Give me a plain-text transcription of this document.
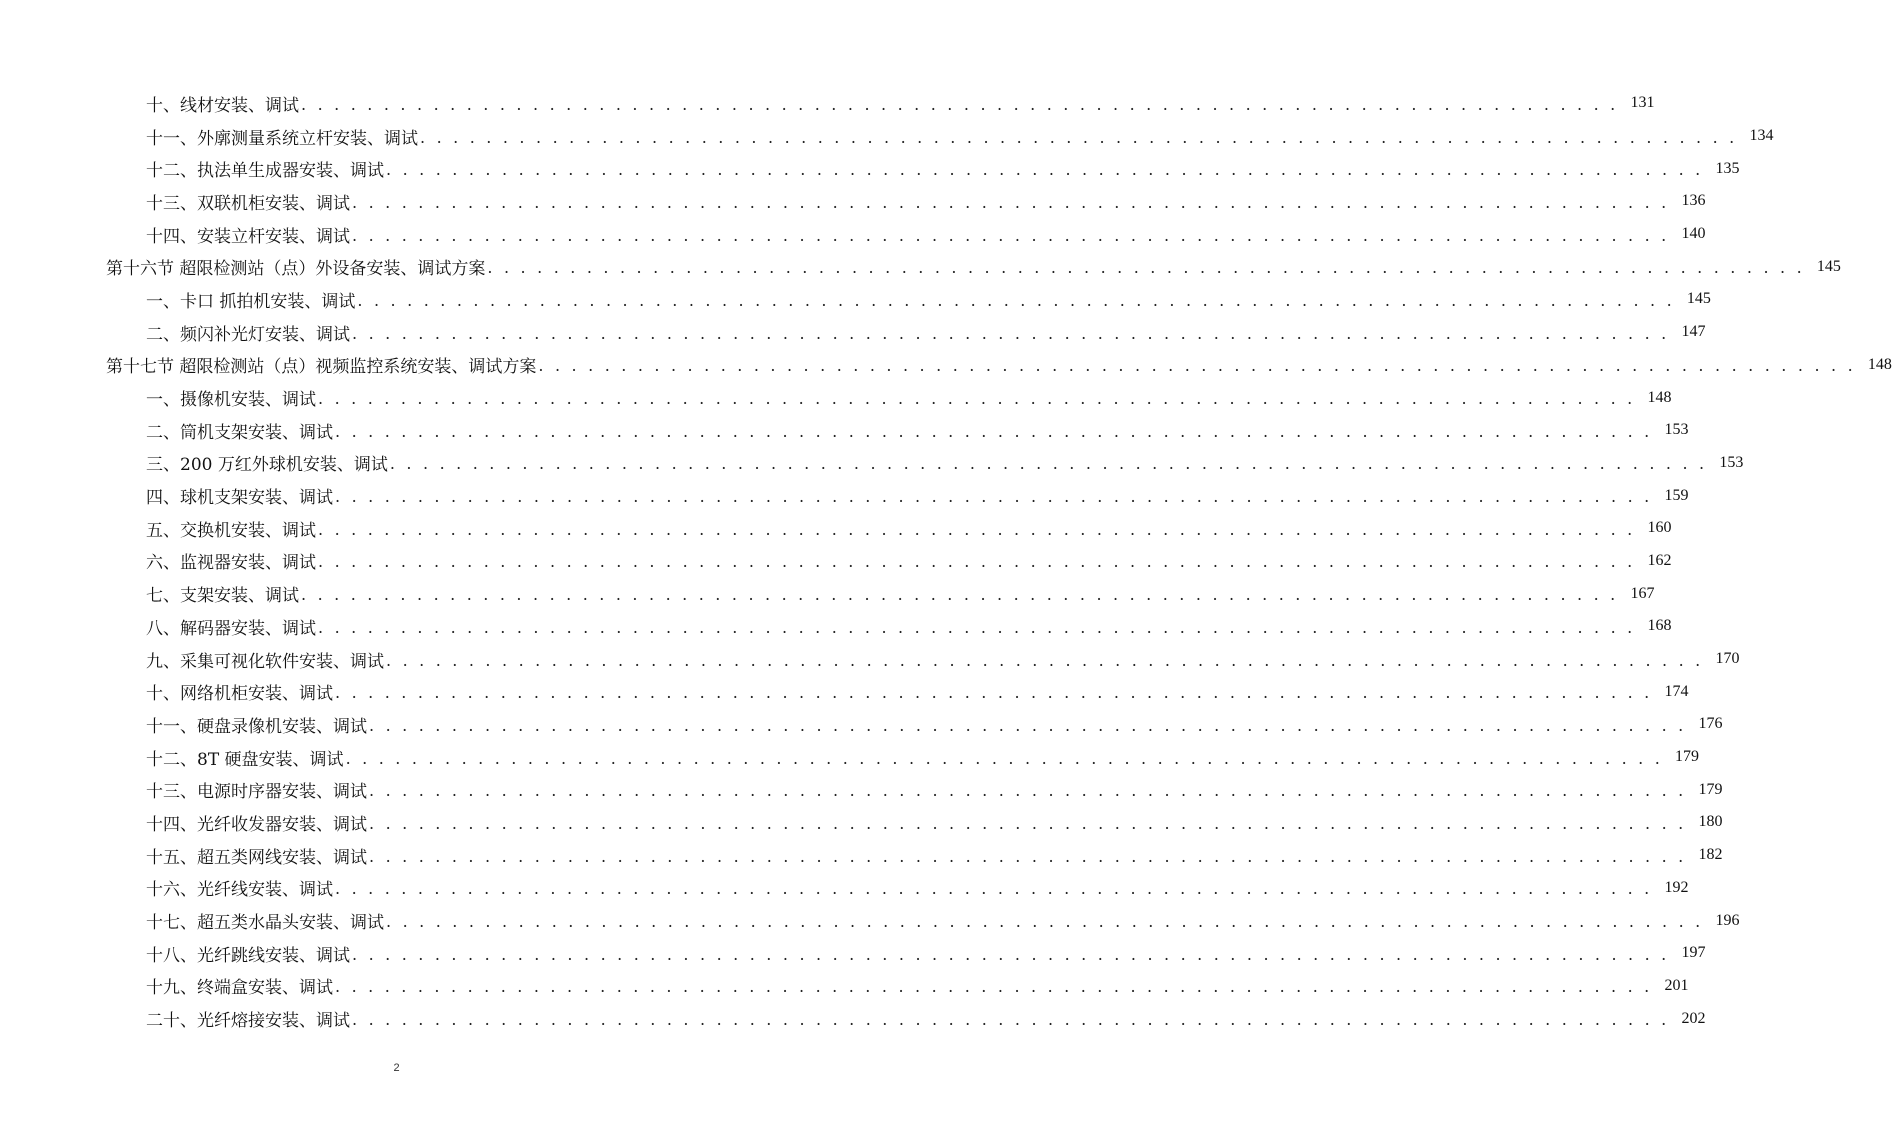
十、线材安装、调试 . . . . . . . . . . . . . . . . . . . . . . . . . . . . . . . . . . . . . . . . . . . . . . . . . . . . . . . . . . . . . . . . . . . . . . . . . . . . . . . . 131
十一、外廓测量系统立杆安装、调试 . . . . . . . . . . . . . . . . . . . . . . . . . . . . . . . . . . . . . . . . . . . . . . . . . . . . . . . . . . . . . . . . . . . . . . . . . . . . . . . . 134
十二、执法单生成器安装、调试 . . . . . . . . . . . . . . . . . . . . . . . . . . . . . . . . . . . . . . . . . . . . . . . . . . . . . . . . . . . . . . . . . . . . . . . . . . . . . . . . 135
十三、双联机柜安装、调试 . . . . . . . . . . . . . . . . . . . . . . . . . . . . . . . . . . . . . . . . . . . . . . . . . . . . . . . . . . . . . . . . . . . . . . . . . . . . . . . . 136
十四、安装立杆安装、调试 . . . . . . . . . . . . . . . . . . . . . . . . . . . . . . . . . . . . . . . . . . . . . . . . . . . . . . . . . . . . . . . . . . . . . . . . . . . . . . . . 140
第十六节 超限检测站（点）外设备安装、调试方案 . . . . . . . . . . . . . . . . . . . . . . . . . . . . . . . . . . . . . . . . . . . . . . . . . . . . . . . . . . . . . . . . . . . . . . . . . . . . . . . . 145
一、卡口 抓拍机安装、调试 . . . . . . . . . . . . . . . . . . . . . . . . . . . . . . . . . . . . . . . . . . . . . . . . . . . . . . . . . . . . . . . . . . . . . . . . . . . . . . . . 145
二、频闪补光灯安装、调试 . . . . . . . . . . . . . . . . . . . . . . . . . . . . . . . . . . . . . . . . . . . . . . . . . . . . . . . . . . . . . . . . . . . . . . . . . . . . . . . . 147
第十七节 超限检测站（点）视频监控系统安装、调试方案 . . . . . . . . . . . . . . . . . . . . . . . . . . . . . . . . . . . . . . . . . . . . . . . . . . . . . . . . . . . . . . . . . . . . . . . . . . . . . . . . 148
一、摄像机安装、调试 . . . . . . . . . . . . . . . . . . . . . . . . . . . . . . . . . . . . . . . . . . . . . . . . . . . . . . . . . . . . . . . . . . . . . . . . . . . . . . . . 148
二、筒机支架安装、调试 . . . . . . . . . . . . . . . . . . . . . . . . . . . . . . . . . . . . . . . . . . . . . . . . . . . . . . . . . . . . . . . . . . . . . . . . . . . . . . . . 153
三、200 万红外球机安装、调试 . . . . . . . . . . . . . . . . . . . . . . . . . . . . . . . . . . . . . . . . . . . . . . . . . . . . . . . . . . . . . . . . . . . . . . . . . . . . . . . . 153
四、球机支架安装、调试 . . . . . . . . . . . . . . . . . . . . . . . . . . . . . . . . . . . . . . . . . . . . . . . . . . . . . . . . . . . . . . . . . . . . . . . . . . . . . . . . 159
五、交换机安装、调试 . . . . . . . . . . . . . . . . . . . . . . . . . . . . . . . . . . . . . . . . . . . . . . . . . . . . . . . . . . . . . . . . . . . . . . . . . . . . . . . . 160
六、监视器安装、调试 . . . . . . . . . . . . . . . . . . . . . . . . . . . . . . . . . . . . . . . . . . . . . . . . . . . . . . . . . . . . . . . . . . . . . . . . . . . . . . . . 162
七、支架安装、调试 . . . . . . . . . . . . . . . . . . . . . . . . . . . . . . . . . . . . . . . . . . . . . . . . . . . . . . . . . . . . . . . . . . . . . . . . . . . . . . . . 167
八、解码器安装、调试 . . . . . . . . . . . . . . . . . . . . . . . . . . . . . . . . . . . . . . . . . . . . . . . . . . . . . . . . . . . . . . . . . . . . . . . . . . . . . . . . 168
九、采集可视化软件安装、调试 . . . . . . . . . . . . . . . . . . . . . . . . . . . . . . . . . . . . . . . . . . . . . . . . . . . . . . . . . . . . . . . . . . . . . . . . . . . . . . . . 170
十、网络机柜安装、调试 . . . . . . . . . . . . . . . . . . . . . . . . . . . . . . . . . . . . . . . . . . . . . . . . . . . . . . . . . . . . . . . . . . . . . . . . . . . . . . . . 174
十一、硬盘录像机安装、调试 . . . . . . . . . . . . . . . . . . . . . . . . . . . . . . . . . . . . . . . . . . . . . . . . . . . . . . . . . . . . . . . . . . . . . . . . . . . . . . . . 176
十二、8T 硬盘安装、调试 . . . . . . . . . . . . . . . . . . . . . . . . . . . . . . . . . . . . . . . . . . . . . . . . . . . . . . . . . . . . . . . . . . . . . . . . . . . . . . . . 179
十三、电源时序器安装、调试 . . . . . . . . . . . . . . . . . . . . . . . . . . . . . . . . . . . . . . . . . . . . . . . . . . . . . . . . . . . . . . . . . . . . . . . . . . . . . . . . 179
十四、光纤收发器安装、调试 . . . . . . . . . . . . . . . . . . . . . . . . . . . . . . . . . . . . . . . . . . . . . . . . . . . . . . . . . . . . . . . . . . . . . . . . . . . . . . . . 180
十五、超五类网线安装、调试 . . . . . . . . . . . . . . . . . . . . . . . . . . . . . . . . . . . . . . . . . . . . . . . . . . . . . . . . . . . . . . . . . . . . . . . . . . . . . . . . 182
十六、光纤线安装、调试 . . . . . . . . . . . . . . . . . . . . . . . . . . . . . . . . . . . . . . . . . . . . . . . . . . . . . . . . . . . . . . . . . . . . . . . . . . . . . . . . 192
十七、超五类水晶头安装、调试 . . . . . . . . . . . . . . . . . . . . . . . . . . . . . . . . . . . . . . . . . . . . . . . . . . . . . . . . . . . . . . . . . . . . . . . . . . . . . . . . 196
十八、光纤跳线安装、调试 . . . . . . . . . . . . . . . . . . . . . . . . . . . . . . . . . . . . . . . . . . . . . . . . . . . . . . . . . . . . . . . . . . . . . . . . . . . . . . . . 197
十九、终端盒安装、调试 . . . . . . . . . . . . . . . . . . . . . . . . . . . . . . . . . . . . . . . . . . . . . . . . . . . . . . . . . . . . . . . . . . . . . . . . . . . . . . . . 201
二十、光纤熔接安装、调试 . . . . . . . . . . . . . . . . . . . . . . . . . . . . . . . . . . . . . . . . . . . . . . . . . . . . . . . . . . . . . . . . . . . . . . . . . . . . . . . . 202
2
